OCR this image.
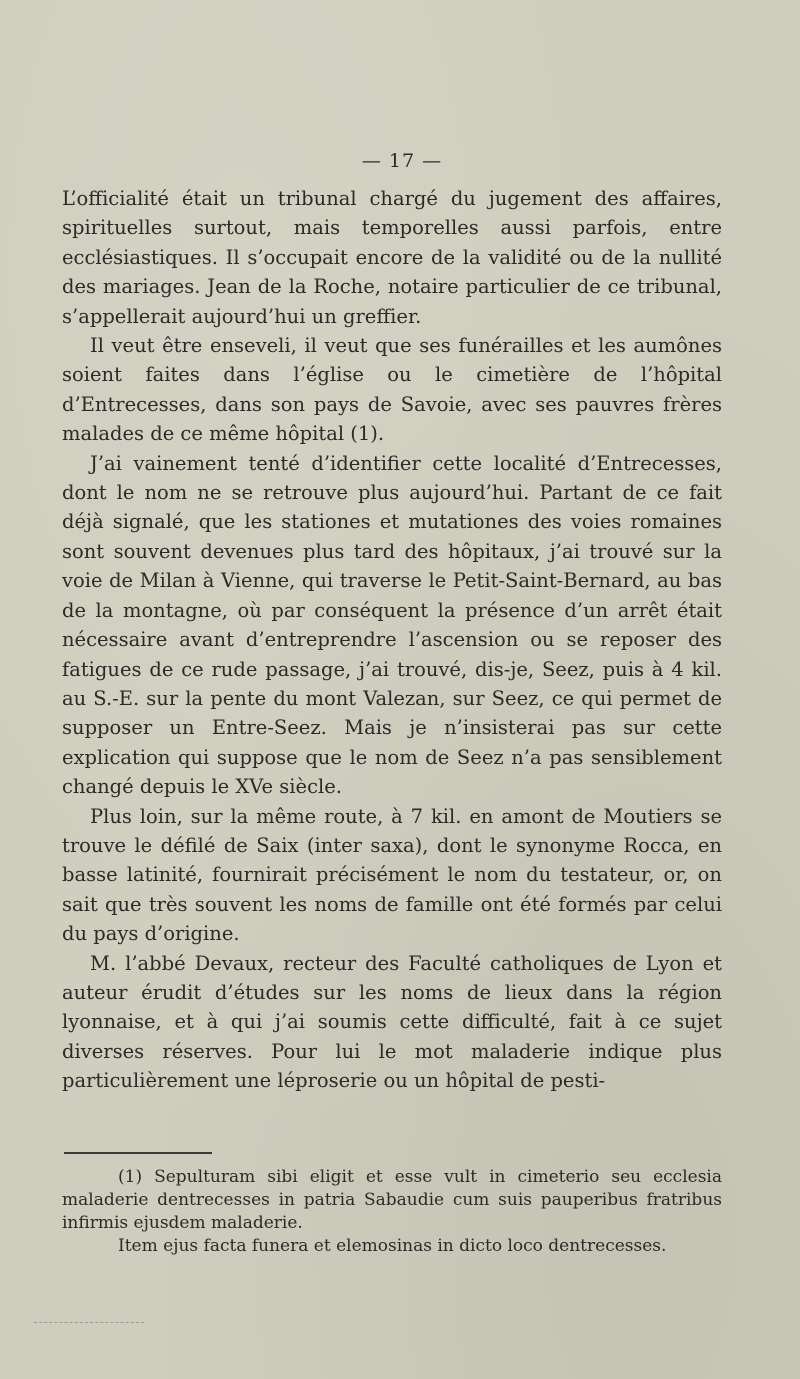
— 17 —

L’officialité était un tribunal chargé du jugement des affaires, spirituelles surtout, mais temporelles aussi parfois, entre ecclésiastiques. Il s’occupait encore de la validité ou de la nullité des mariages. Jean de la Roche, notaire particulier de ce tribunal, s’appellerait aujourd’hui un greffier.

Il veut être enseveli, il veut que ses funérailles et les aumônes soient faites dans l’église ou le cimetière de l’hôpital d’Entrecesses, dans son pays de Savoie, avec ses pauvres frères malades de ce même hôpital (1).

J’ai vainement tenté d’identifier cette localité d’Entrecesses, dont le nom ne se retrouve plus aujourd’hui. Partant de ce fait déjà signalé, que les stationes et mutationes des voies romaines sont souvent devenues plus tard des hôpitaux, j’ai trouvé sur la voie de Milan à Vienne, qui traverse le Petit-Saint-Bernard, au bas de la montagne, où par conséquent la présence d’un arrêt était nécessaire avant d’entreprendre l’ascension ou se reposer des fatigues de ce rude passage, j’ai trouvé, dis-je, Seez, puis à 4 kil. au S.-E. sur la pente du mont Valezan, sur Seez, ce qui permet de supposer un Entre-Seez. Mais je n’insisterai pas sur cette explication qui suppose que le nom de Seez n’a pas sensiblement changé depuis le XVe siècle.

Plus loin, sur la même route, à 7 kil. en amont de Moutiers se trouve le défilé de Saix (inter saxa), dont le synonyme Rocca, en basse latinité, fournirait précisément le nom du testateur, or, on sait que très souvent les noms de famille ont été formés par celui du pays d’origine.

M. l’abbé Devaux, recteur des Faculté catholiques de Lyon et auteur érudit d’études sur les noms de lieux dans la région lyonnaise, et à qui j’ai soumis cette difficulté, fait à ce sujet diverses réserves. Pour lui le mot maladerie indique plus particulièrement une léproserie ou un hôpital de pesti-

(1) Sepulturam sibi eligit et esse vult in cimeterio seu ecclesia maladerie dentrecesses in patria Sabaudie cum suis pauperibus fratribus infirmis ejusdem maladerie.

Item ejus facta funera et elemosinas in dicto loco dentrecesses.
